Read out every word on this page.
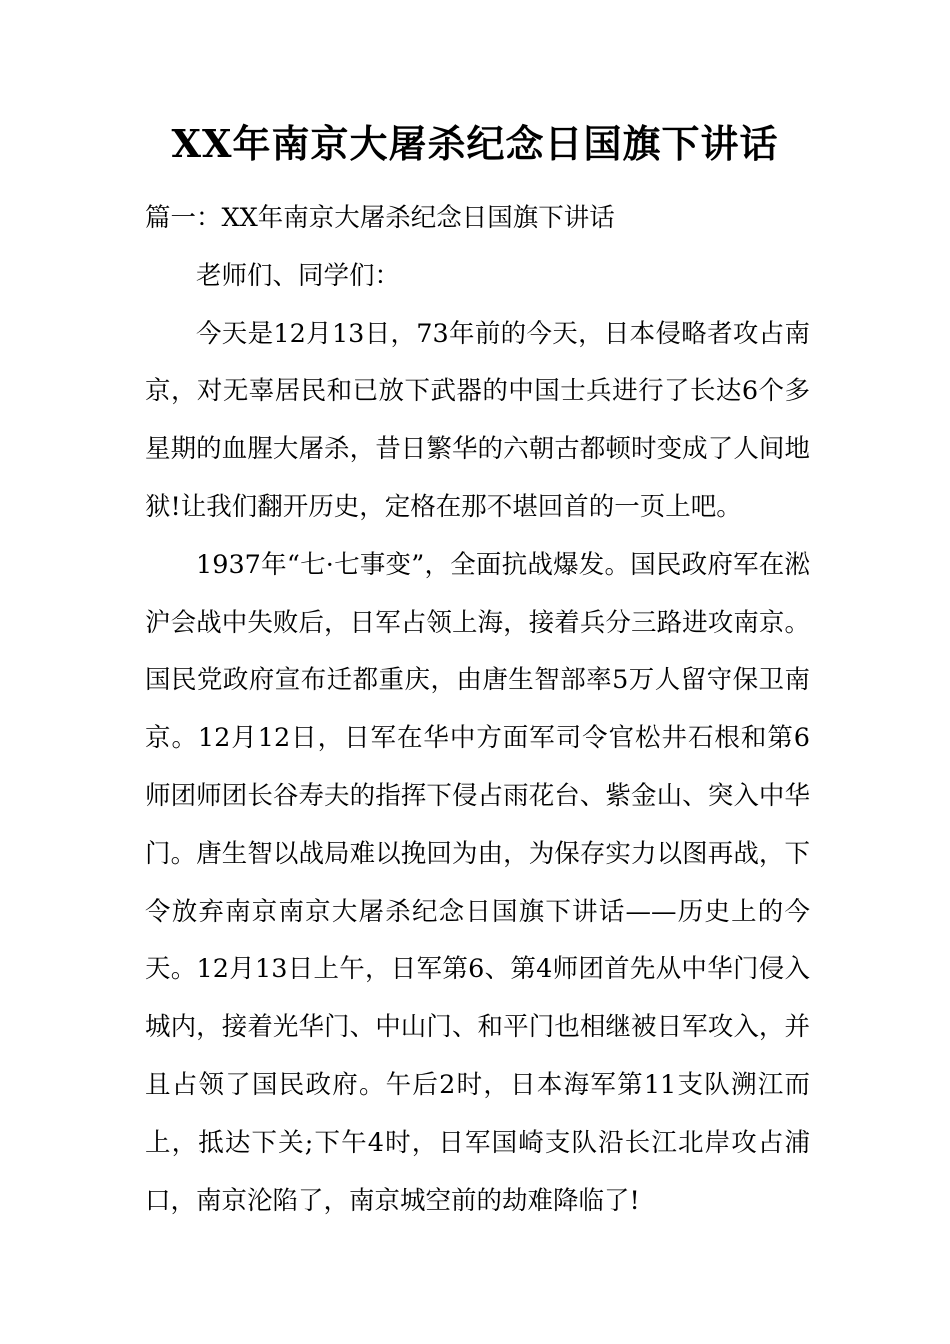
XX年南京大屠杀纪念日国旗下讲话

篇一：XX年南京大屠杀纪念日国旗下讲话

老师们、同学们：

今天是12月13日，73年前的今天，日本侵略者攻占南京，对无辜居民和已放下武器的中国士兵进行了长达6个多星期的血腥大屠杀，昔日繁华的六朝古都顿时变成了人间地狱!让我们翻开历史，定格在那不堪回首的一页上吧。

1937年“七·七事变”，全面抗战爆发。国民政府军在淞沪会战中失败后，日军占领上海，接着兵分三路进攻南京。国民党政府宣布迁都重庆，由唐生智部率5万人留守保卫南京。12月12日，日军在华中方面军司令官松井石根和第6师团师团长谷寿夫的指挥下侵占雨花台、紫金山、突入中华门。唐生智以战局难以挽回为由，为保存实力以图再战，下令放弃南京南京大屠杀纪念日国旗下讲话——历史上的今天。12月13日上午，日军第6、第4师团首先从中华门侵入城内，接着光华门、中山门、和平门也相继被日军攻入，并且占领了国民政府。午后2时，日本海军第11支队溯江而上，抵达下关;下午4时，日军国崎支队沿长江北岸攻占浦口，南京沦陷了，南京城空前的劫难降临了!
